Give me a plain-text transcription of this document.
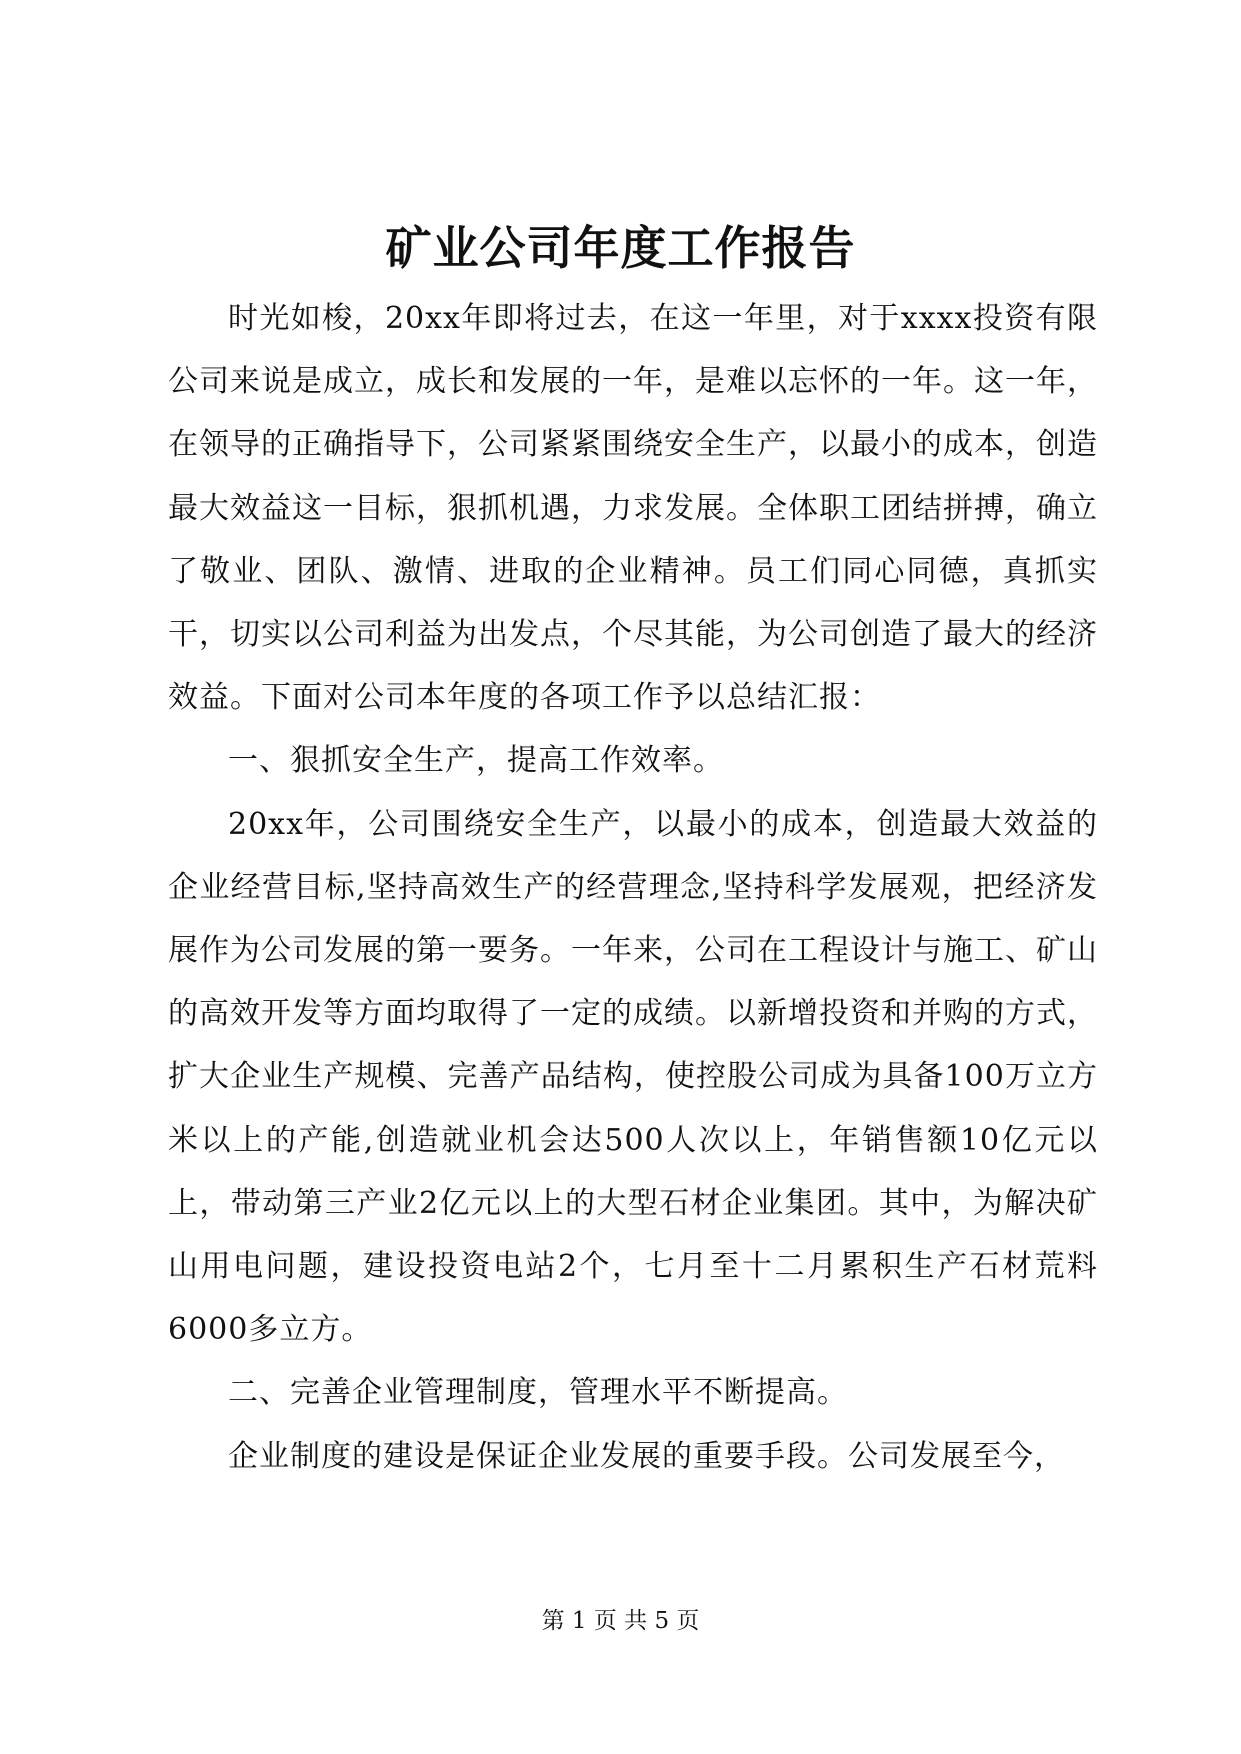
矿业公司年度工作报告

时光如梭，20xx年即将过去，在这一年里，对于xxxx投资有限公司来说是成立，成长和发展的一年，是难以忘怀的一年。这一年，在领导的正确指导下，公司紧紧围绕安全生产，以最小的成本，创造最大效益这一目标，狠抓机遇，力求发展。全体职工团结拼搏，确立了敬业、团队、激情、进取的企业精神。员工们同心同德，真抓实干，切实以公司利益为出发点，个尽其能，为公司创造了最大的经济效益。下面对公司本年度的各项工作予以总结汇报：

一、狠抓安全生产，提高工作效率。

20xx年，公司围绕安全生产，以最小的成本，创造最大效益的企业经营目标,坚持高效生产的经营理念,坚持科学发展观，把经济发展作为公司发展的第一要务。一年来，公司在工程设计与施工、矿山的高效开发等方面均取得了一定的成绩。以新增投资和并购的方式，扩大企业生产规模、完善产品结构，使控股公司成为具备100万立方米以上的产能,创造就业机会达500人次以上，年销售额10亿元以上，带动第三产业2亿元以上的大型石材企业集团。其中，为解决矿山用电问题，建设投资电站2个，七月至十二月累积生产石材荒料6000多立方。

二、完善企业管理制度，管理水平不断提高。

企业制度的建设是保证企业发展的重要手段。公司发展至今，

第 1 页 共 5 页
